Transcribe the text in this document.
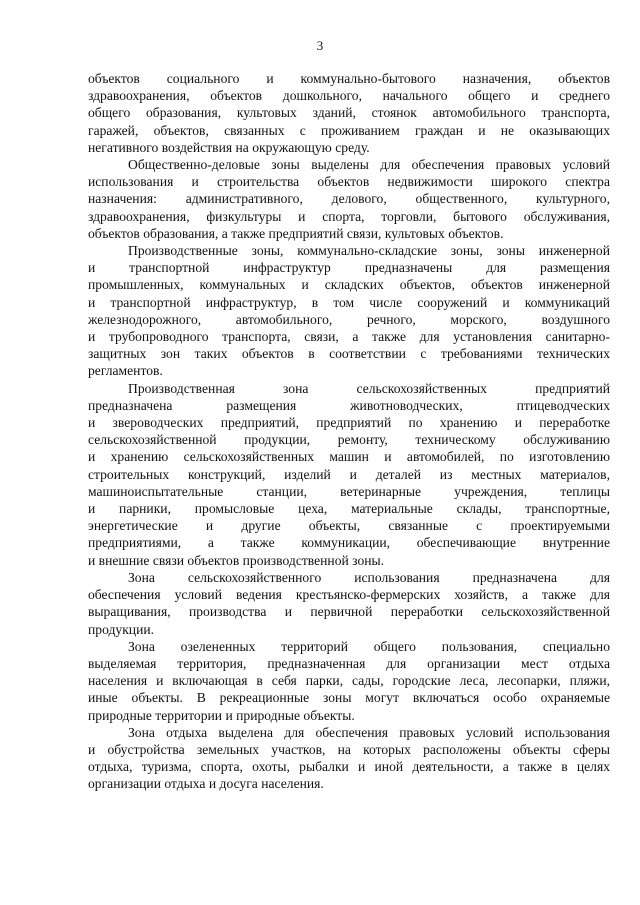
3
объектов социального и коммунально-бытового назначения, объектов
здравоохранения, объектов дошкольного, начального общего и среднего
общего образования, культовых зданий, стоянок автомобильного транспорта,
гаражей, объектов, связанных с проживанием граждан и не оказывающих
негативного воздействия на окружающую среду.
Общественно-деловые зоны выделены для обеспечения правовых условий
использования и строительства объектов недвижимости широкого спектра
назначения: административного, делового, общественного, культурного,
здравоохранения, физкультуры и спорта, торговли, бытового обслуживания,
объектов образования, а также предприятий связи, культовых объектов.
Производственные зоны, коммунально-складские зоны, зоны инженерной
и транспортной инфраструктур предназначены для размещения
промышленных, коммунальных и складских объектов, объектов инженерной
и транспортной инфраструктур, в том числе сооружений и коммуникаций
железнодорожного, автомобильного, речного, морского, воздушного
и трубопроводного транспорта, связи, а также для установления санитарно-
защитных зон таких объектов в соответствии с требованиями технических
регламентов.
Производственная зона сельскохозяйственных предприятий
предназначена размещения животноводческих, птицеводческих
и звероводческих предприятий, предприятий по хранению и переработке
сельскохозяйственной продукции, ремонту, техническому обслуживанию
и хранению сельскохозяйственных машин и автомобилей, по изготовлению
строительных конструкций, изделий и деталей из местных материалов,
машиноиспытательные станции, ветеринарные учреждения, теплицы
и парники, промысловые цеха, материальные склады, транспортные,
энергетические и другие объекты, связанные с проектируемыми
предприятиями, а также коммуникации, обеспечивающие внутренние
и внешние связи объектов производственной зоны.
Зона сельскохозяйственного использования предназначена для
обеспечения условий ведения крестьянско-фермерских хозяйств, а также для
выращивания, производства и первичной переработки сельскохозяйственной
продукции.
Зона озелененных территорий общего пользования, специально
выделяемая территория, предназначенная для организации мест отдыха
населения и включающая в себя парки, сады, городские леса, лесопарки, пляжи,
иные объекты. В рекреационные зоны могут включаться особо охраняемые
природные территории и природные объекты.
Зона отдыха выделена для обеспечения правовых условий использования
и обустройства земельных участков, на которых расположены объекты сферы
отдыха, туризма, спорта, охоты, рыбалки и иной деятельности, а также в целях
организации отдыха и досуга населения.
